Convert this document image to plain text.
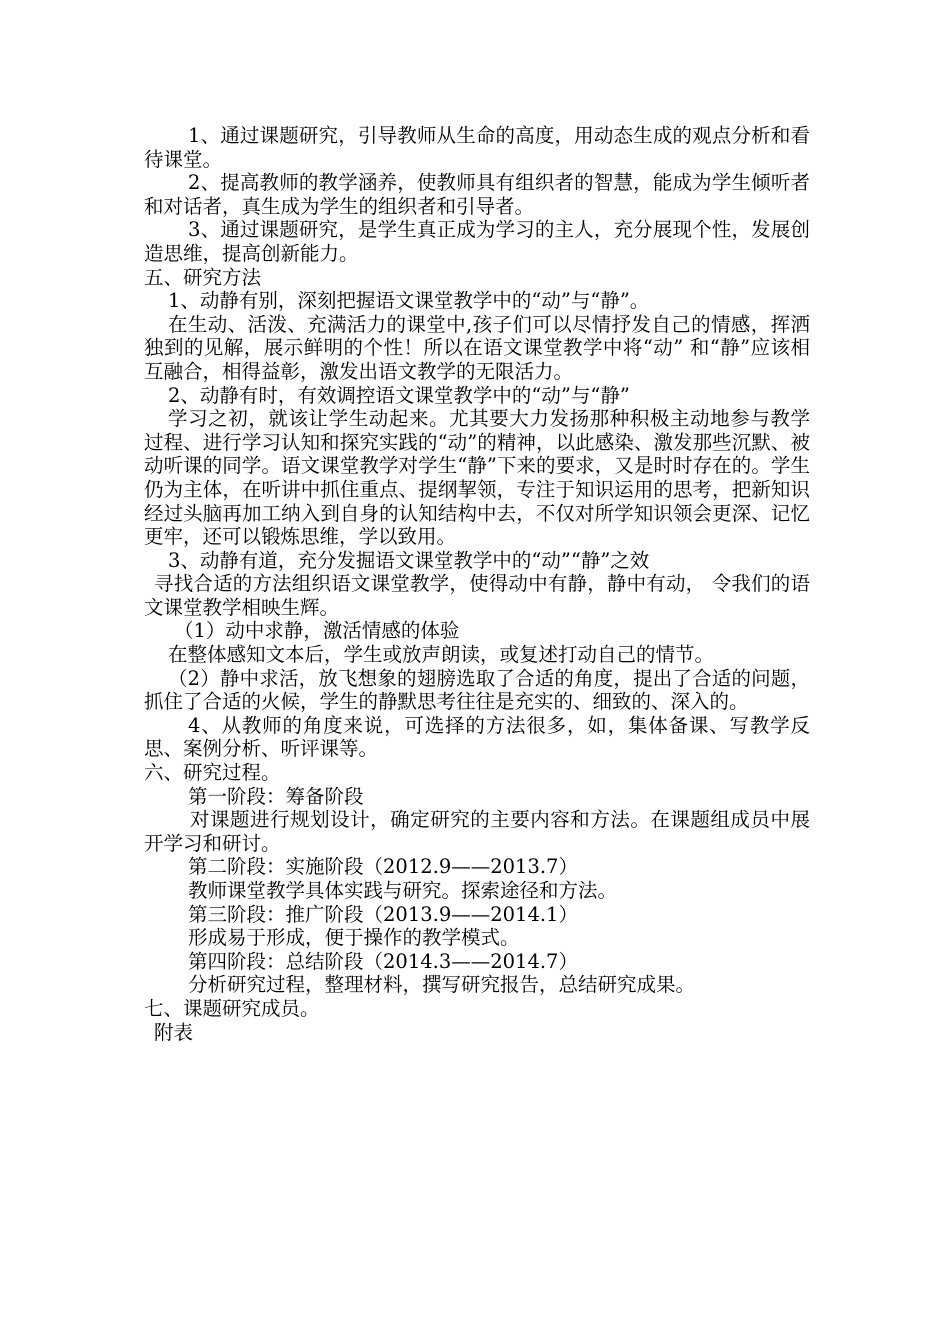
1、通过课题研究，引导教师从生命的高度，用动态生成的观点分析和看待课堂。

2、提高教师的教学涵养，使教师具有组织者的智慧，能成为学生倾听者和对话者，真生成为学生的组织者和引导者。

3、通过课题研究，是学生真正成为学习的主人，充分展现个性，发展创造思维，提高创新能力。

五、研究方法

1、动静有别，深刻把握语文课堂教学中的“动”与“静”。

在生动、活泼、充满活力的课堂中,孩子们可以尽情抒发自己的情感，挥洒独到的见解，展示鲜明的个性！所以在语文课堂教学中将“动” 和“静”应该相互融合，相得益彰，激发出语文教学的无限活力。

2、动静有时，有效调控语文课堂教学中的“动”与“静”

学习之初，就该让学生动起来。尤其要大力发扬那种积极主动地参与教学过程、进行学习认知和探究实践的“动”的精神，以此感染、激发那些沉默、被动听课的同学。语文课堂教学对学生“静”下来的要求，又是时时存在的。学生仍为主体，在听讲中抓住重点、提纲挈领，专注于知识运用的思考，把新知识经过头脑再加工纳入到自身的认知结构中去，不仅对所学知识领会更深、记忆更牢，还可以锻炼思维，学以致用。

3、动静有道，充分发掘语文课堂教学中的“动”“静”之效

寻找合适的方法组织语文课堂教学，使得动中有静，静中有动， 令我们的语文课堂教学相映生辉。

（1）动中求静，激活情感的体验

在整体感知文本后，学生或放声朗读，或复述打动自己的情节。

（2）静中求活，放飞想象的翅膀选取了合适的角度，提出了合适的问题，抓住了合适的火候，学生的静默思考往往是充实的、细致的、深入的。

4、从教师的角度来说，可选择的方法很多，如，集体备课、写教学反思、案例分析、听评课等。

六、研究过程。

第一阶段：筹备阶段

对课题进行规划设计，确定研究的主要内容和方法。在课题组成员中展开学习和研讨。

第二阶段：实施阶段（2012.9——2013.7）

教师课堂教学具体实践与研究。探索途径和方法。

第三阶段：推广阶段（2013.9——2014.1）

形成易于形成，便于操作的教学模式。

第四阶段：总结阶段（2014.3——2014.7）

分析研究过程，整理材料，撰写研究报告，总结研究成果。

七、课题研究成员。

附表
